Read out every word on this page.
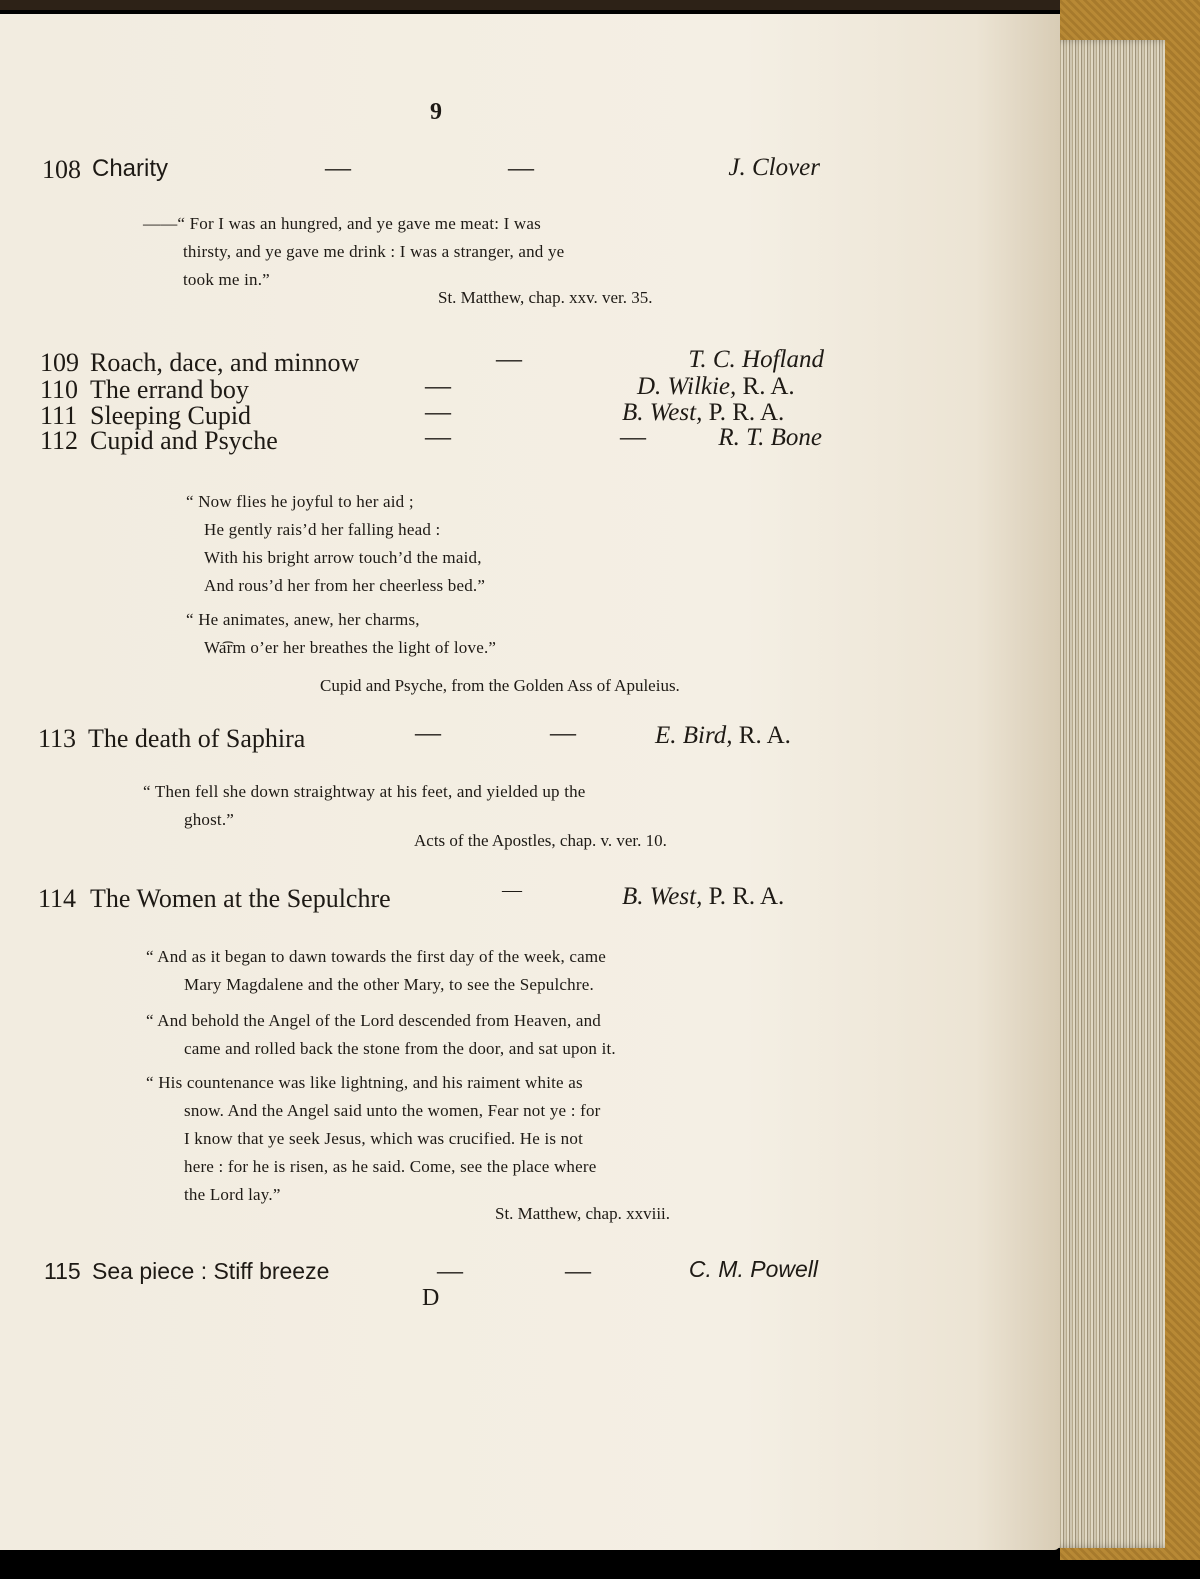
9
108 Charity	—	—	J. Clover
——“ For I was an hungred, and ye gave me meat: I was
thirsty, and ye gave me drink : I was a stranger, and ye
took me in.”
St. Matthew, chap. xxv. ver. 35.
109 Roach, dace, and minnow	—	T. C. Hofland
110 The errand boy	—	D. Wilkie, R. A.
111 Sleeping Cupid	—	B. West, P. R. A.
112 Cupid and Psyche	—	—	R. T. Bone
“ Now flies he joyful to her aid ;
He gently rais’d her falling head :
With his bright arrow touch’d the maid,
And rous’d her from her cheerless bed.”
“ He animates, anew, her charms,
Wa͡rm o’er her breathes the light of love.”
Cupid and Psyche, from the Golden Ass of Apuleius.
113 The death of Saphira	—	—	E. Bird, R. A.
“ Then fell she down straightway at his feet, and yielded up the
ghost.”
Acts of the Apostles, chap. v. ver. 10.
114 The Women at the Sepulchre	—	B. West, P. R. A.
“ And as it began to dawn towards the first day of the week, came
Mary Magdalene and the other Mary, to see the Sepulchre.
“ And behold the Angel of the Lord descended from Heaven, and
came and rolled back the stone from the door, and sat upon it.
“ His countenance was like lightning, and his raiment white as
snow. And the Angel said unto the women, Fear not ye : for
I know that ye seek Jesus, which was crucified. He is not
here : for he is risen, as he said. Come, see the place where
the Lord lay.”
St. Matthew, chap. xxviii.
115 Sea piece : Stiff breeze	—	—	C. M. Powell
D
